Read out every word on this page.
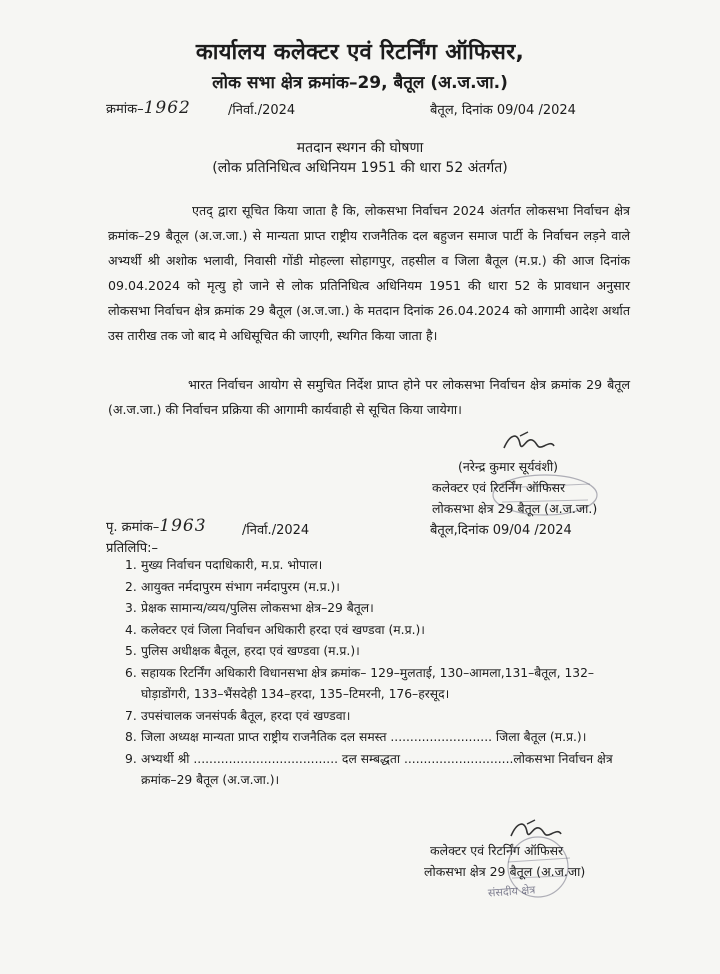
कार्यालय कलेक्टर एवं रिटर्निंग ऑफिसर,
लोक सभा क्षेत्र क्रमांक–29, बैतूल (अ.ज.जा.)
क्रमांक–1962	/निर्वा./2024	बैतूल, दिनांक 09/04 /2024
मतदान स्थगन की घोषणा
(लोक प्रतिनिधित्व अधिनियम 1951 की धारा 52 अंतर्गत)
एतद् द्वारा सूचित किया जाता है कि, लोकसभा निर्वाचन 2024 अंतर्गत लोकसभा निर्वाचन क्षेत्र क्रमांक–29 बैतूल (अ.ज.जा.) से मान्यता प्राप्त राष्ट्रीय राजनैतिक दल बहुजन समाज पार्टी के निर्वाचन लड़ने वाले अभ्यर्थी श्री अशोक भलावी, निवासी गोंडी मोहल्ला सोहागपुर, तहसील व जिला बैतूल (म.प्र.) की आज दिनांक 09.04.2024 को मृत्यु हो जाने से लोक प्रतिनिधित्व अधिनियम 1951 की धारा 52 के प्रावधान अनुसार लोकसभा निर्वाचन क्षेत्र क्रमांक 29 बैतूल (अ.ज.जा.) के मतदान दिनांक 26.04.2024 को आगामी आदेश अर्थात उस तारीख तक जो बाद मे अधिसूचित की जाएगी, स्थगित किया जाता है।
भारत निर्वाचन आयोग से समुचित निर्देश प्राप्त होने पर लोकसभा निर्वाचन क्षेत्र क्रमांक 29 बैतूल (अ.ज.जा.) की निर्वाचन प्रक्रिया की आगामी कार्यवाही से सूचित किया जायेगा।
(नरेन्द्र कुमार सूर्यवंशी)
कलेक्टर एवं रिटर्निंग ऑफिसर
लोकसभा क्षेत्र 29 बैतूल (अ.ज.जा.)
पृ. क्रमांक–1963	/निर्वा./2024	बैतूल,दिनांक 09/04 /2024
प्रतिलिपि:–
1. मुख्य निर्वाचन पदाधिकारी, म.प्र. भोपाल।
2. आयुक्त नर्मदापुरम संभाग नर्मदापुरम (म.प्र.)।
3. प्रेक्षक सामान्य/व्यय/पुलिस लोकसभा क्षेत्र–29 बैतूल।
4. कलेक्टर एवं जिला निर्वाचन अधिकारी हरदा एवं खण्डवा (म.प्र.)।
5. पुलिस अधीक्षक बैतूल, हरदा एवं खण्डवा (म.प्र.)।
6. सहायक रिटर्निंग अधिकारी विधानसभा क्षेत्र क्रमांक– 129–मुलताई, 130–आमला,131–बैतूल, 132–घोड़ाडोंगरी, 133–भैंसदेही 134–हरदा, 135–टिमरनी, 176–हरसूद।
7. उपसंचालक जनसंपर्क बैतूल, हरदा एवं खण्डवा।
8. जिला अध्यक्ष मान्यता प्राप्त राष्ट्रीय राजनैतिक दल समस्त .......................... जिला बैतूल (म.प्र.)।
9. अभ्यर्थी श्री ..................................... दल सम्बद्धता ............................लोकसभा निर्वाचन क्षेत्र क्रमांक–29 बैतूल (अ.ज.जा.)।
कलेक्टर एवं रिटर्निंग ऑफिसर
लोकसभा क्षेत्र 29 बैतूल (अ.ज.जा)
संसदीय क्षेत्र
